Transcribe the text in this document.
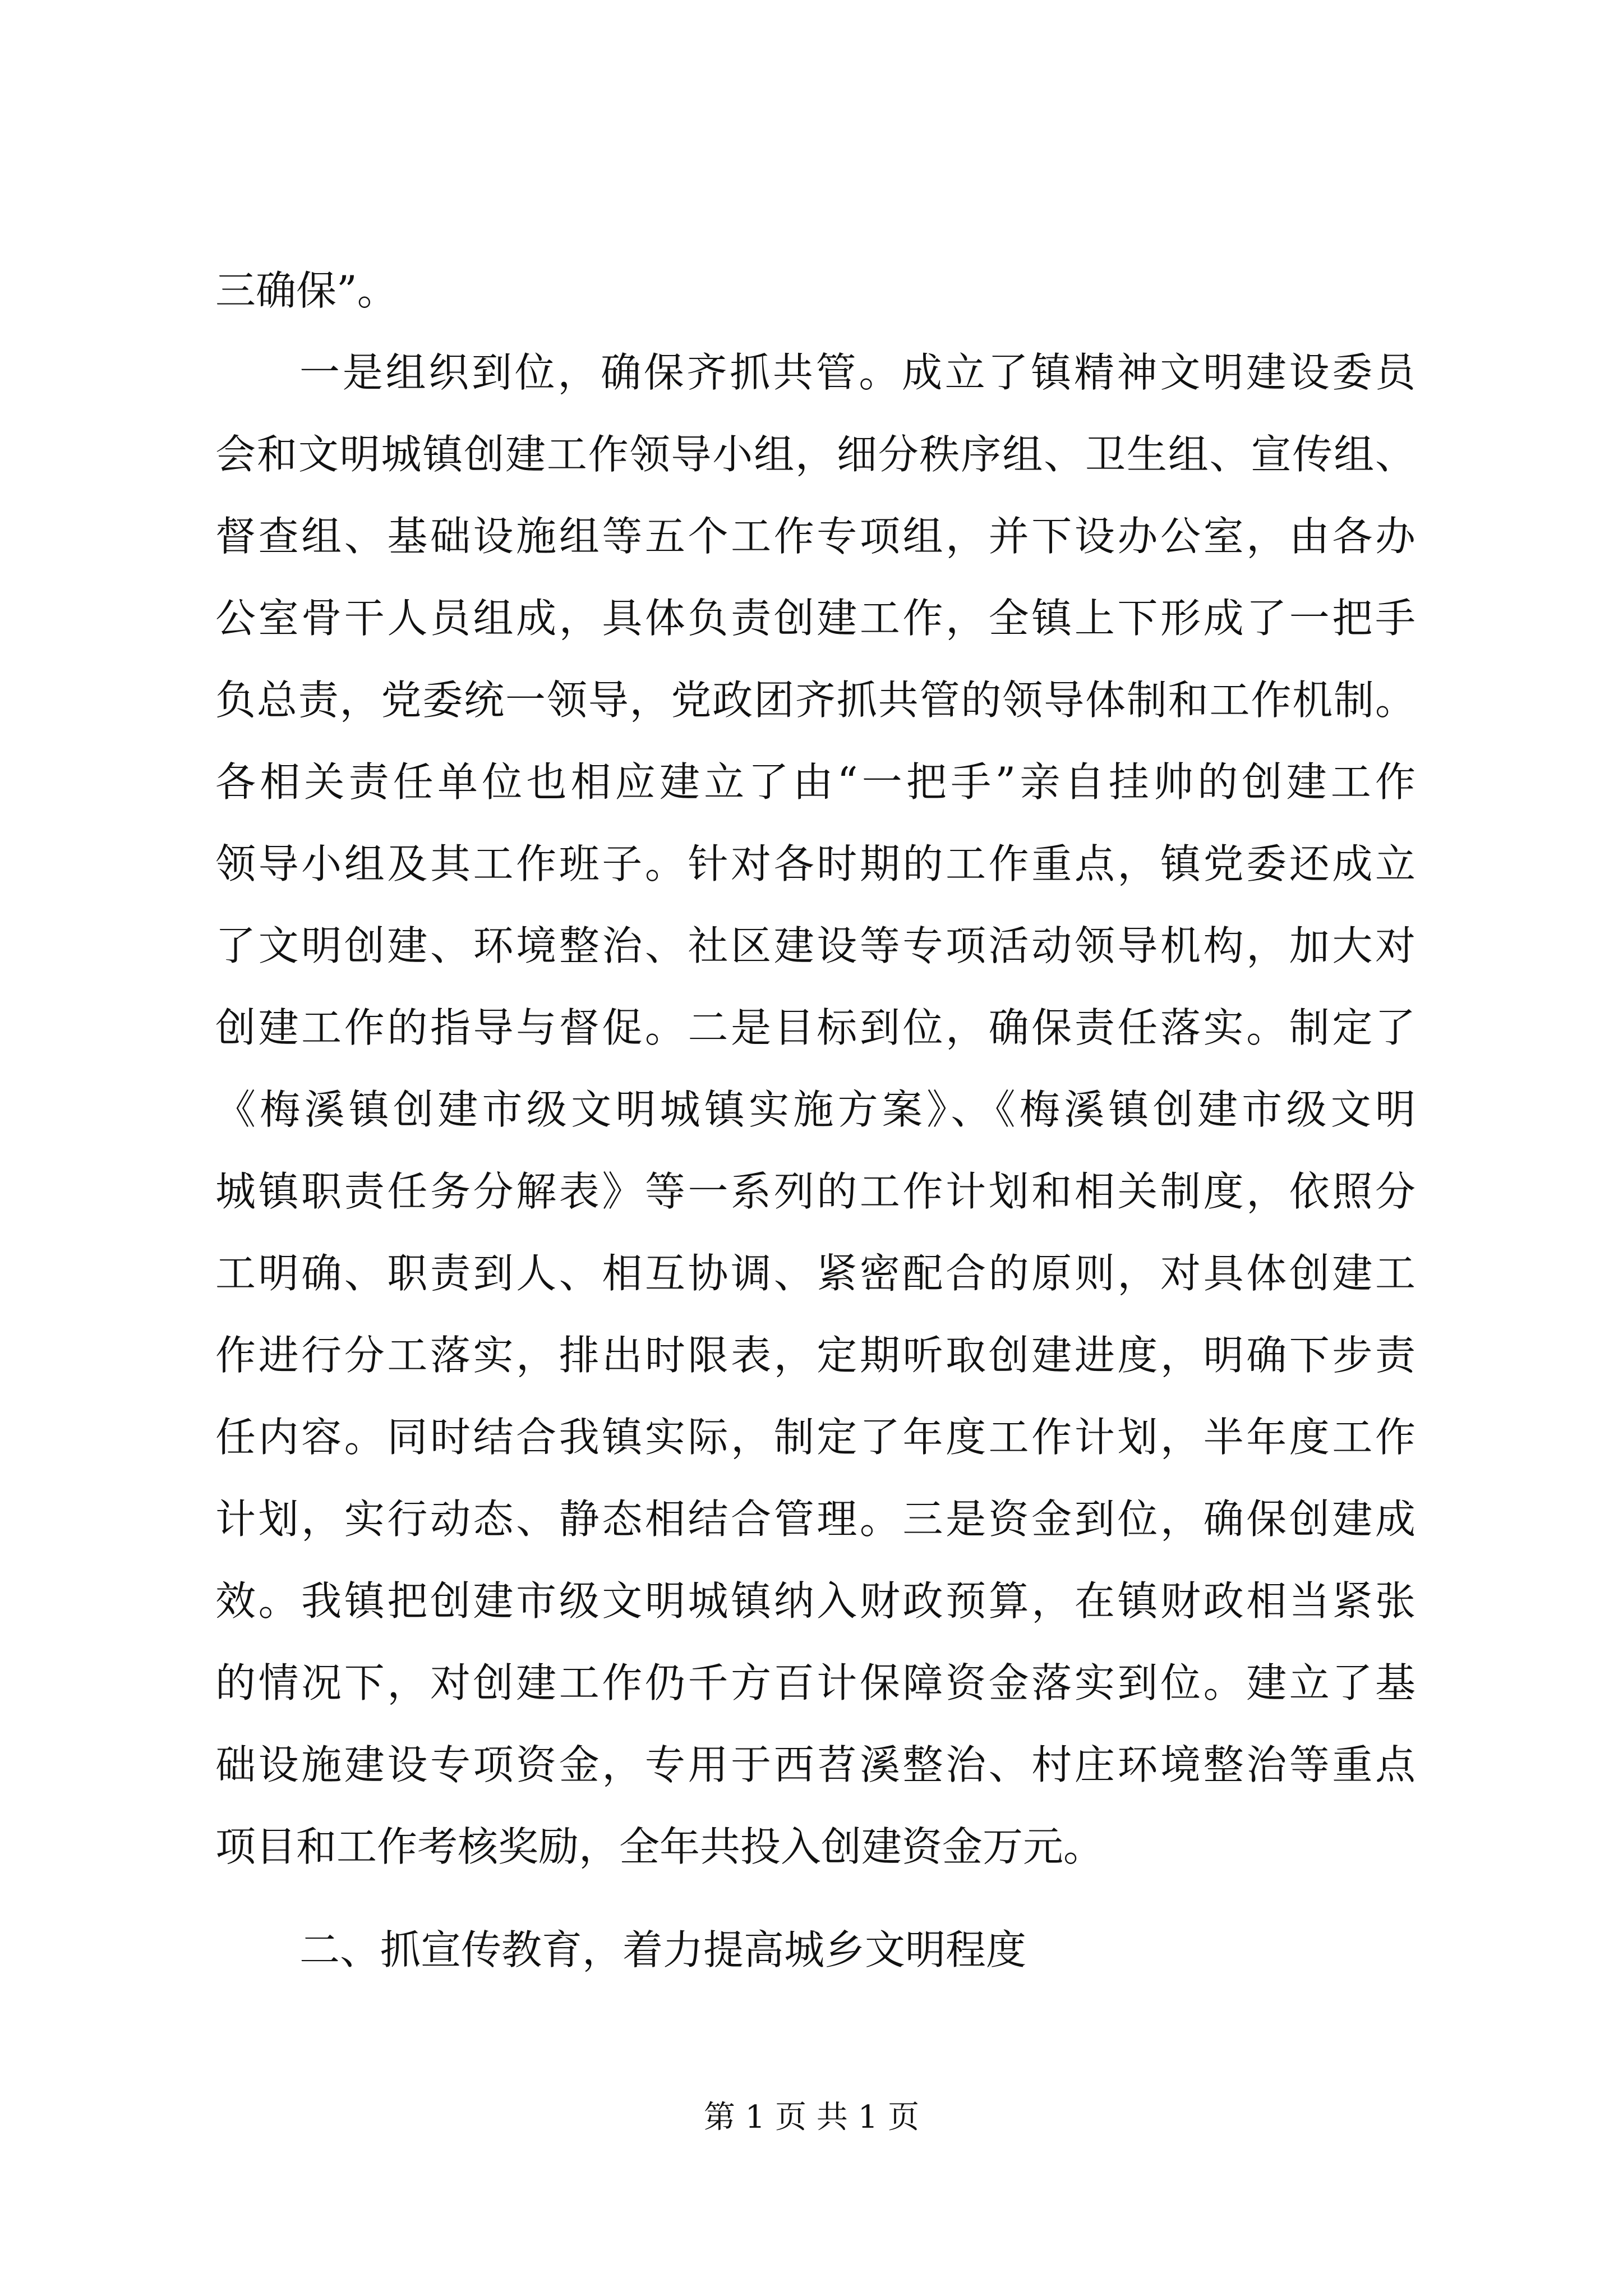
三确保”。
一是组织到位，确保齐抓共管。成立了镇精神文明建设委员
会和文明城镇创建工作领导小组，细分秩序组、卫生组、宣传组、
督查组、基础设施组等五个工作专项组，并下设办公室，由各办
公室骨干人员组成，具体负责创建工作，全镇上下形成了一把手
负总责，党委统一领导，党政团齐抓共管的领导体制和工作机制。
各相关责任单位也相应建立了由“一把手”亲自挂帅的创建工作
领导小组及其工作班子。针对各时期的工作重点，镇党委还成立
了文明创建、环境整治、社区建设等专项活动领导机构，加大对
创建工作的指导与督促。二是目标到位，确保责任落实。制定了
《梅溪镇创建市级文明城镇实施方案》、《梅溪镇创建市级文明
城镇职责任务分解表》等一系列的工作计划和相关制度，依照分
工明确、职责到人、相互协调、紧密配合的原则，对具体创建工
作进行分工落实，排出时限表，定期听取创建进度，明确下步责
任内容。同时结合我镇实际，制定了年度工作计划，半年度工作
计划，实行动态、静态相结合管理。三是资金到位，确保创建成
效。我镇把创建市级文明城镇纳入财政预算，在镇财政相当紧张
的情况下，对创建工作仍千方百计保障资金落实到位。建立了基
础设施建设专项资金，专用于西苕溪整治、村庄环境整治等重点
项目和工作考核奖励，全年共投入创建资金万元。
二、抓宣传教育，着力提高城乡文明程度
第 1 页 共 1 页
